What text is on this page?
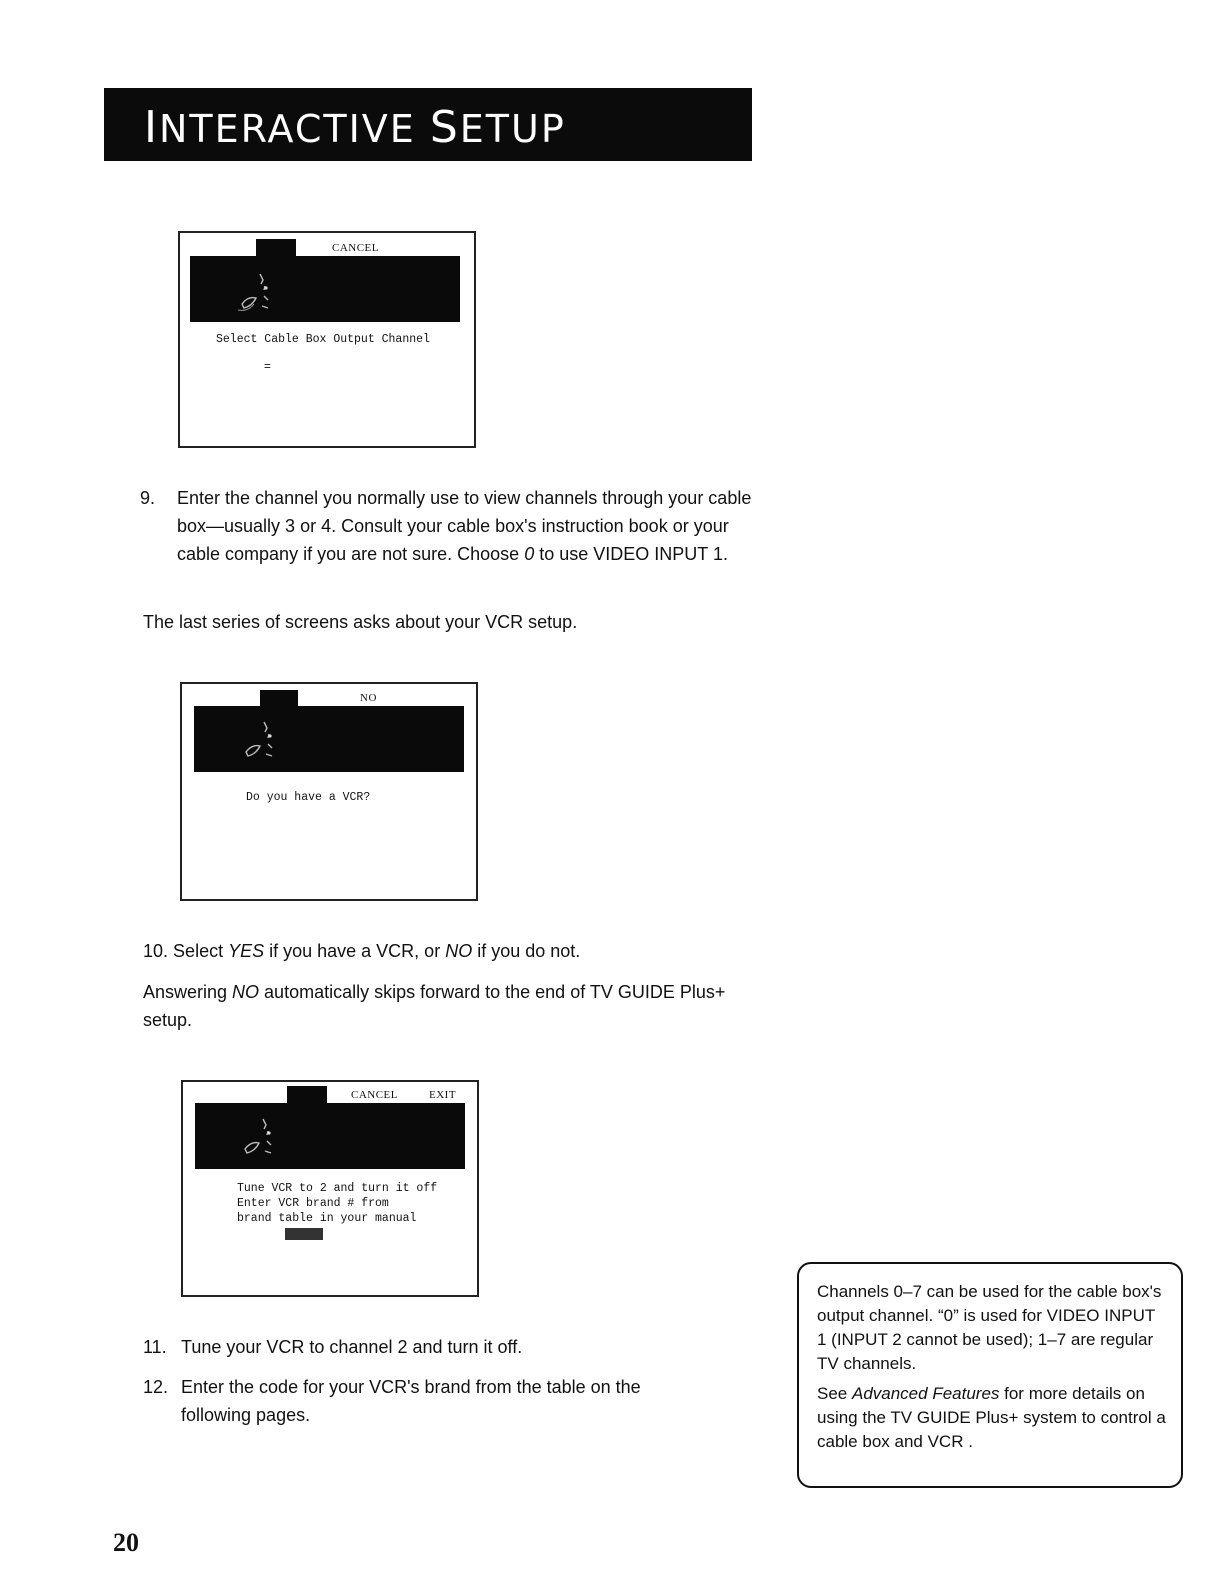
INTERACTIVE SETUP
CANCEL
Select Cable Box Output Channel
=
9.	Enter the channel you normally use to view channels through your cable box—usually 3 or 4. Consult your cable box's instruction book or your cable company if you are not sure. Choose 0 to use VIDEO INPUT 1.
The last series of screens asks about your VCR setup.
NO
Do you have a VCR?
10. Select YES if you have a VCR, or NO if you do not.
Answering NO automatically skips forward to the end of TV GUIDE Plus+ setup.
CANCEL	EXIT
Tune VCR to 2 and turn it off
Enter VCR brand # from
brand table in your manual
11. Tune your VCR to channel 2 and turn it off.
12. Enter the code for your VCR's brand from the table on the following pages.

Channels 0–7 can be used for the cable box's output channel. “0” is used for VIDEO INPUT 1 (INPUT 2 cannot be used); 1–7 are regular TV channels.

See Advanced Features for more details on using the TV GUIDE Plus+ system to control a cable box and VCR .

20
